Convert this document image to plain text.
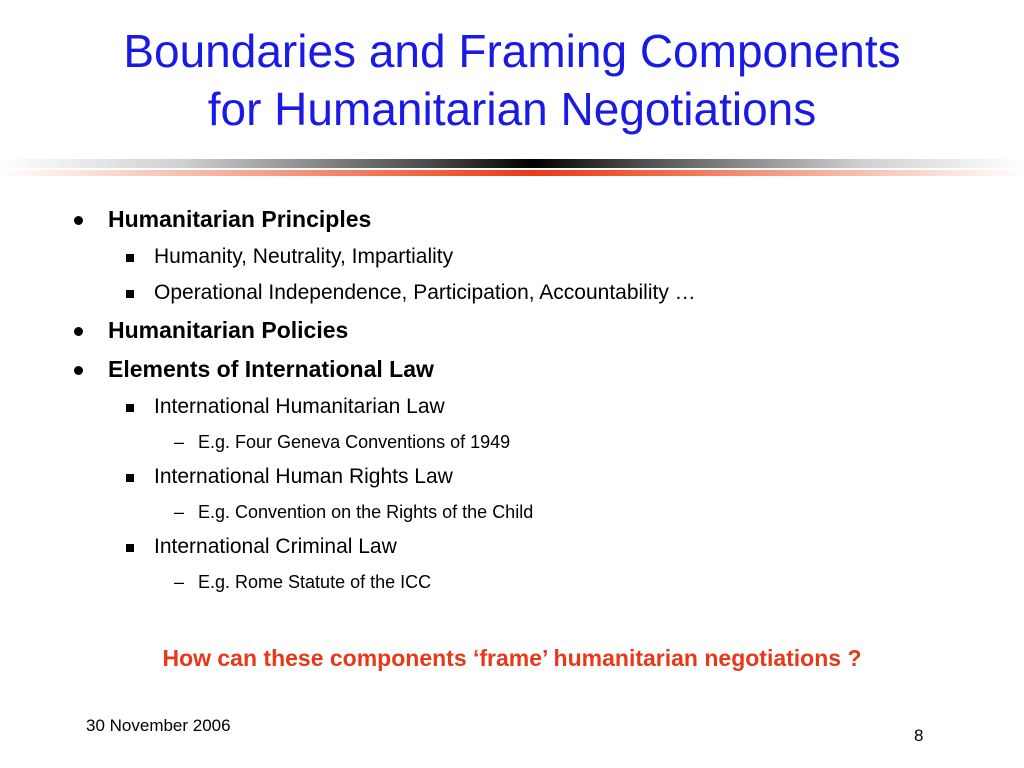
Boundaries and Framing Components
for Humanitarian Negotiations
Humanitarian Principles
Humanity, Neutrality, Impartiality
Operational Independence, Participation, Accountability …
Humanitarian Policies
Elements of International Law
International Humanitarian Law
– E.g. Four Geneva Conventions of 1949
International Human Rights Law
– E.g. Convention on the Rights of the Child
International Criminal Law
– E.g. Rome Statute of the ICC
How can these components ‘frame’ humanitarian negotiations ?
30 November 2006
8
